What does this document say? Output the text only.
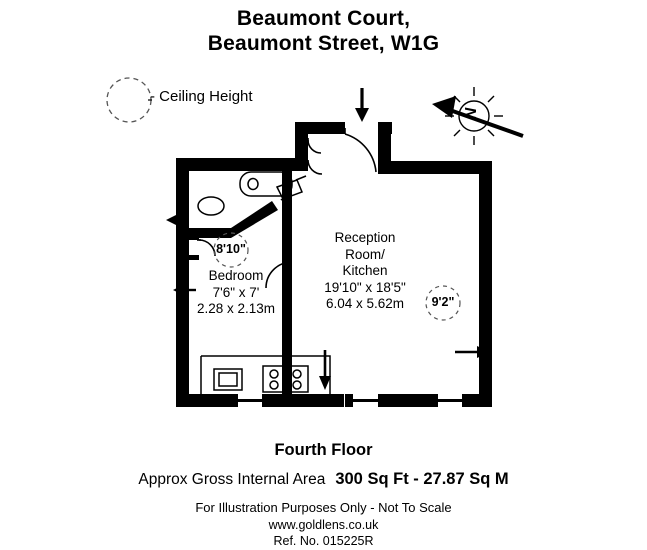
Beaumont Court,
Beaumont Street, W1G
N
- Ceiling Height
8'10"
9'2"
Bedroom
7'6" x 7'
2.28 x 2.13m
Reception
Room/
Kitchen
19'10" x 18'5"
6.04 x 5.62m
Fourth Floor
Approx Gross Internal Area 300 Sq Ft - 27.87 Sq M
For Illustration Purposes Only - Not To Scale
www.goldlens.co.uk
Ref. No. 015225R
